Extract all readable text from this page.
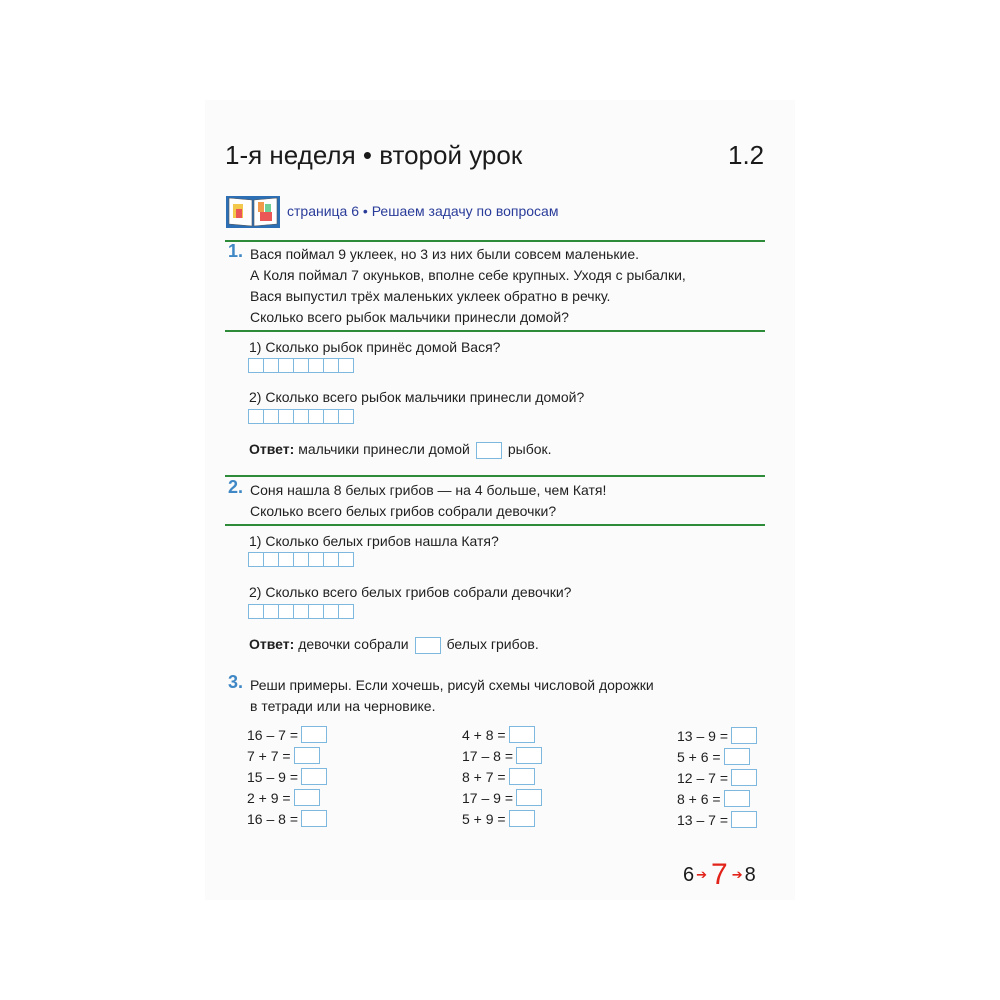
1-я неделя • второй урок	1.2
страница 6 • Решаем задачу по вопросам
1. Вася поймал 9 уклеек, но 3 из них были совсем маленькие.
А Коля поймал 7 окуньков, вполне себе крупных. Уходя с рыбалки,
Вася выпустил трёх маленьких уклеек обратно в речку.
Сколько всего рыбок мальчики принесли домой?
1) Сколько рыбок принёс домой Вася?
2) Сколько всего рыбок мальчики принесли домой?
Ответ: мальчики принесли домой	рыбок.
2. Соня нашла 8 белых грибов — на 4 больше, чем Катя!
Сколько всего белых грибов собрали девочки?
1) Сколько белых грибов нашла Катя?
2) Сколько всего белых грибов собрали девочки?
Ответ: девочки собрали	белых грибов.
3. Реши примеры. Если хочешь, рисуй схемы числовой дорожки
в тетради или на черновике.
16 – 7 =
7 + 7 =
15 – 9 =
2 + 9 =
16 – 8 =
4 + 8 =
17 – 8 =
8 + 7 =
17 – 9 =
5 + 9 =
13 – 9 =
5 + 6 =
12 – 7 =
8 + 6 =
13 – 7 =
6 ➔ 7 ➔ 8
